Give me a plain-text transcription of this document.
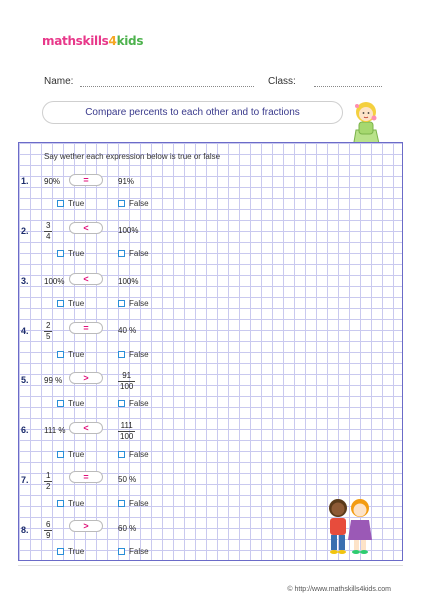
mathskills4kids
Name:	Class:
Compare percents to each other and to fractions
Say wether each expression below is true or false
1. 90%	=	91%
True	False
2. $\frac{3}{4}$	<	100%
True	False
3. 100%	<	100%
True	False
4. $\frac{2}{5}$	=	40 %
True	False
5. 99 %	>	$\frac{91}{100}$
True	False
6. 111 %	<	$\frac{111}{100}$
True	False
7. $\frac{1}{2}$	=	50 %
True	False
8. $\frac{6}{9}$	>	60 %
True	False
© http://www.mathskills4kids.com
